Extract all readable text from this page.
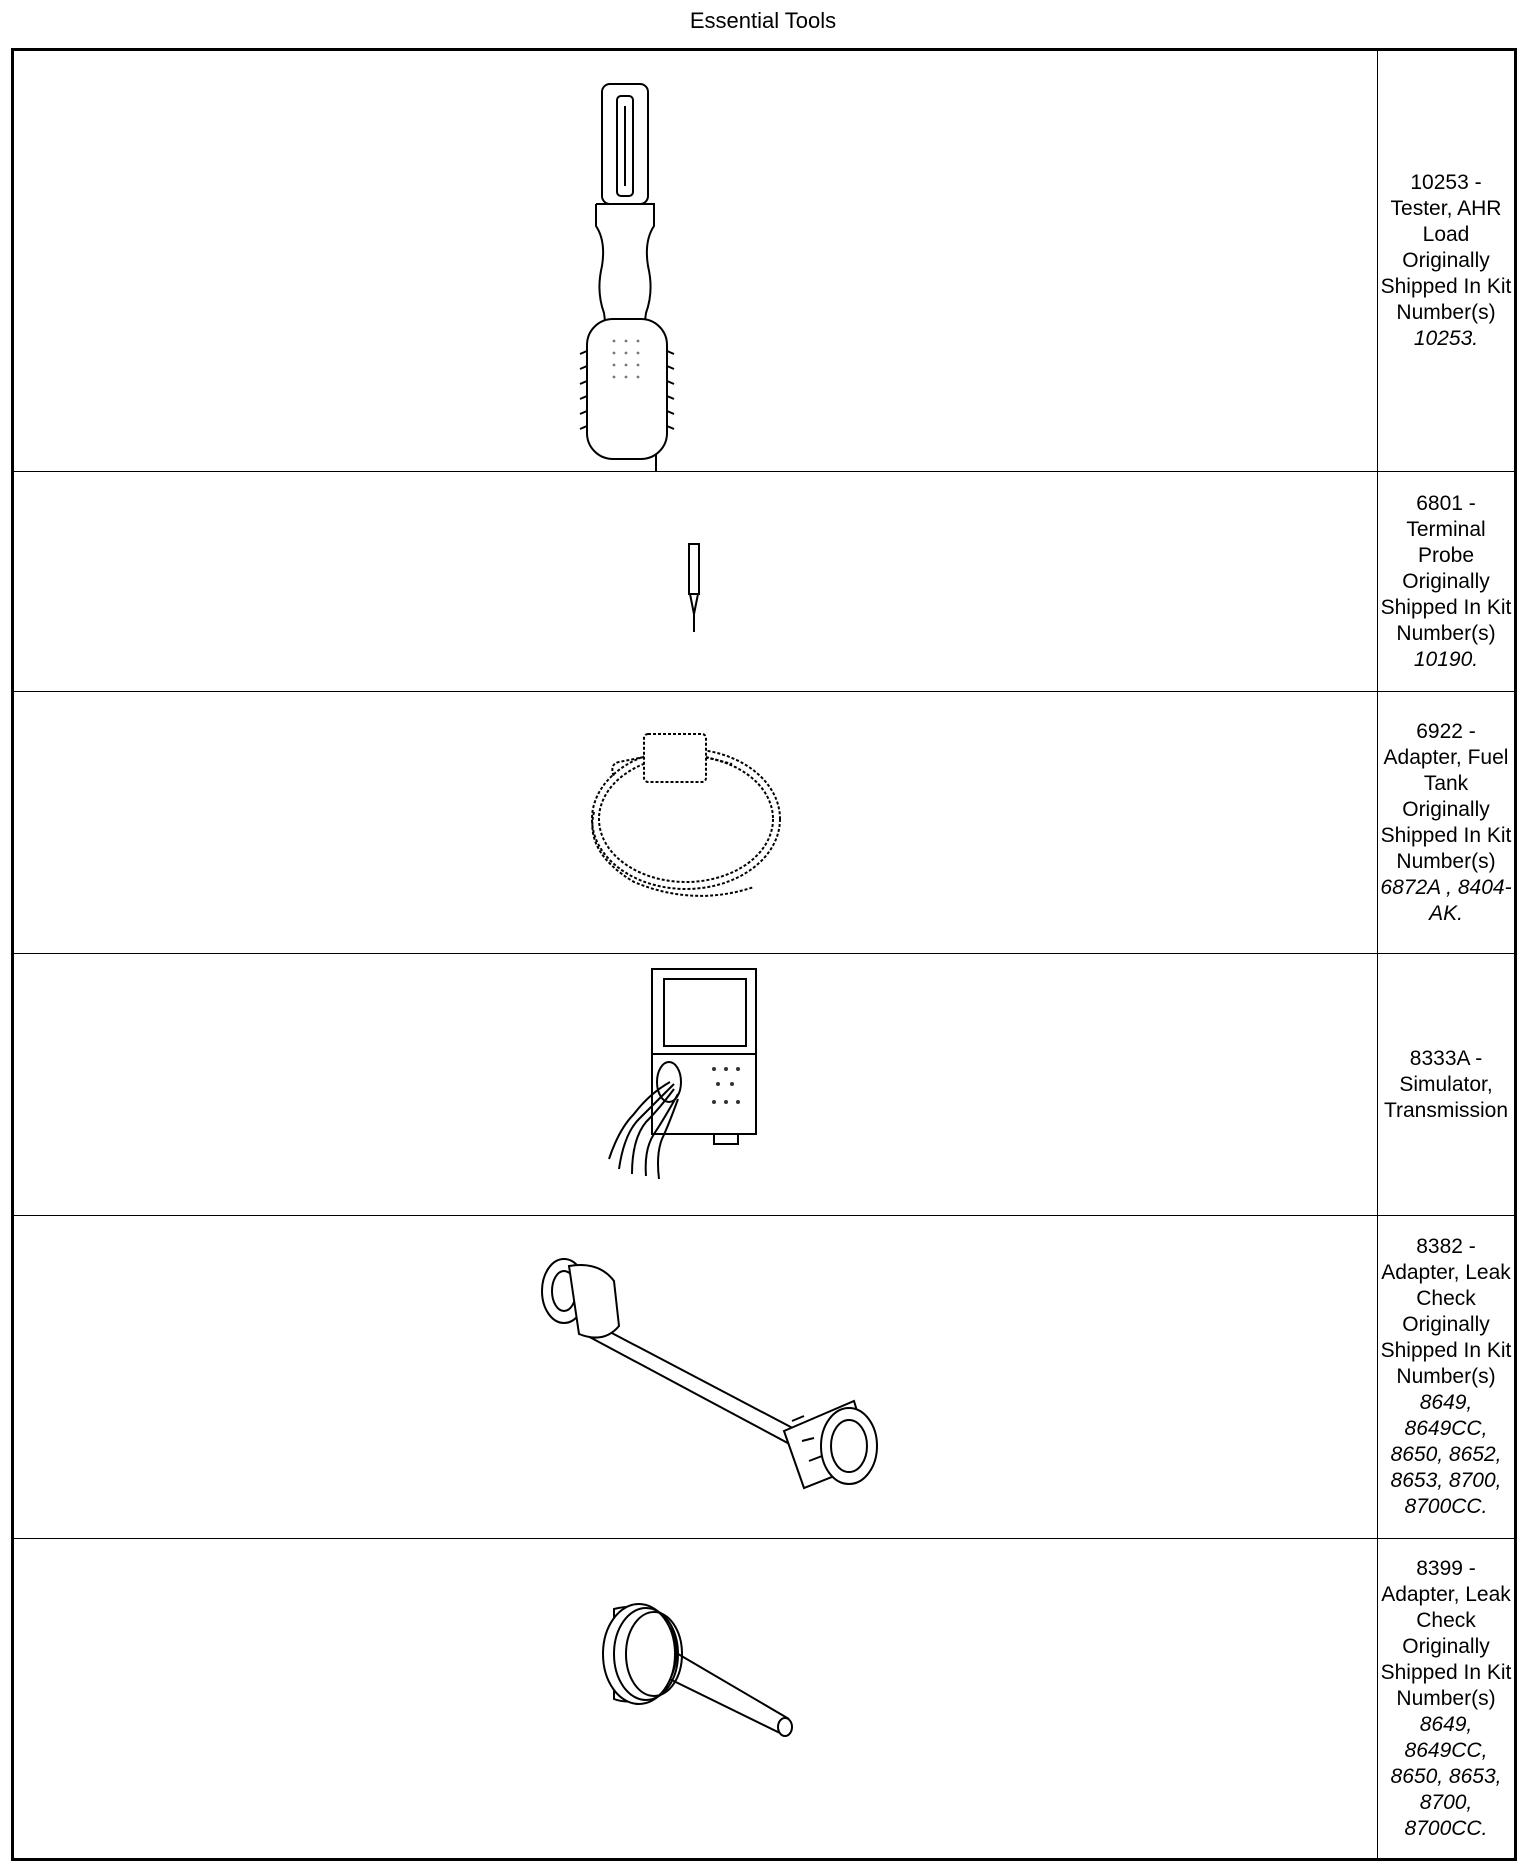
Essential Tools
10253 - Tester, AHR Load
Originally Shipped In Kit Number(s)
10253.
6801 - Terminal Probe
Originally Shipped In Kit Number(s)
10190.
6922 - Adapter, Fuel Tank
Originally Shipped In Kit Number(s)
6872A , 8404-AK.
8333A - Simulator, Transmission
8382 - Adapter, Leak Check
Originally Shipped In Kit Number(s)
8649, 8649CC, 8650, 8652, 8653, 8700, 8700CC.
8399 - Adapter, Leak Check
Originally Shipped In Kit Number(s)
8649, 8649CC, 8650, 8653, 8700, 8700CC.
